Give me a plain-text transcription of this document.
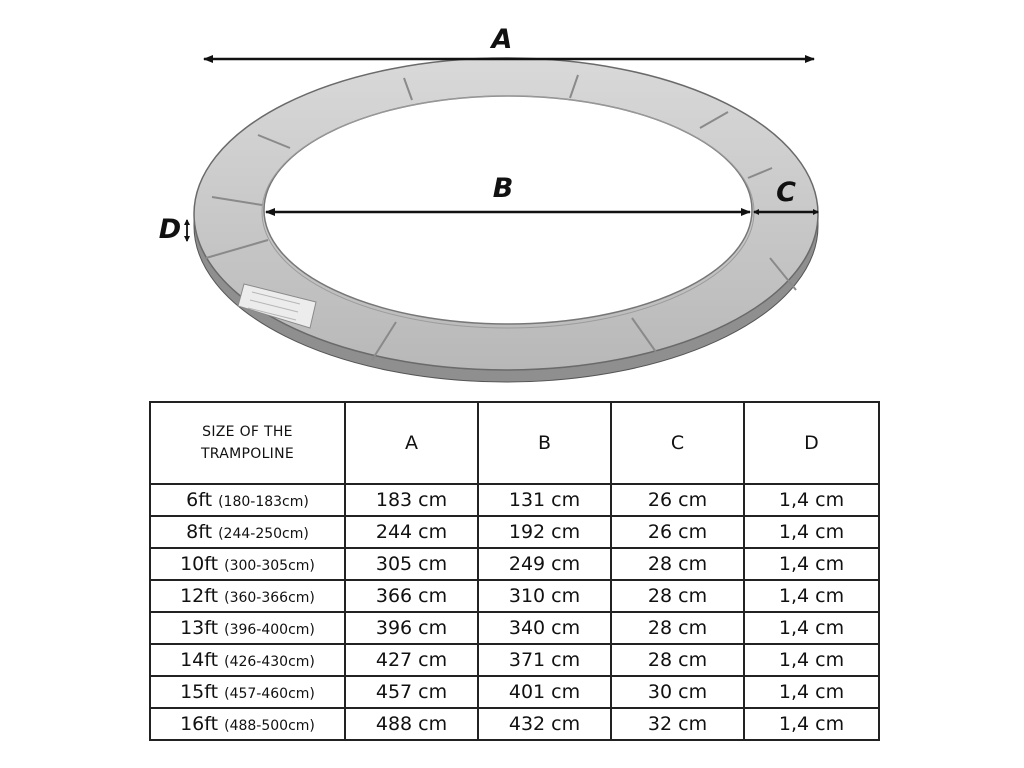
A
B	C
D
SIZE OF THE
TRAMPOLINE	A	B	C	D
6ft (180-183cm)	183 cm	131 cm	26 cm	1,4 cm
8ft (244-250cm)	244 cm	192 cm	26 cm	1,4 cm
10ft (300-305cm)	305 cm	249 cm	28 cm	1,4 cm
12ft (360-366cm)	366 cm	310 cm	28 cm	1,4 cm
13ft (396-400cm)	396 cm	340 cm	28 cm	1,4 cm
14ft (426-430cm)	427 cm	371 cm	28 cm	1,4 cm
15ft (457-460cm)	457 cm	401 cm	30 cm	1,4 cm
16ft (488-500cm)	488 cm	432 cm	32 cm	1,4 cm
